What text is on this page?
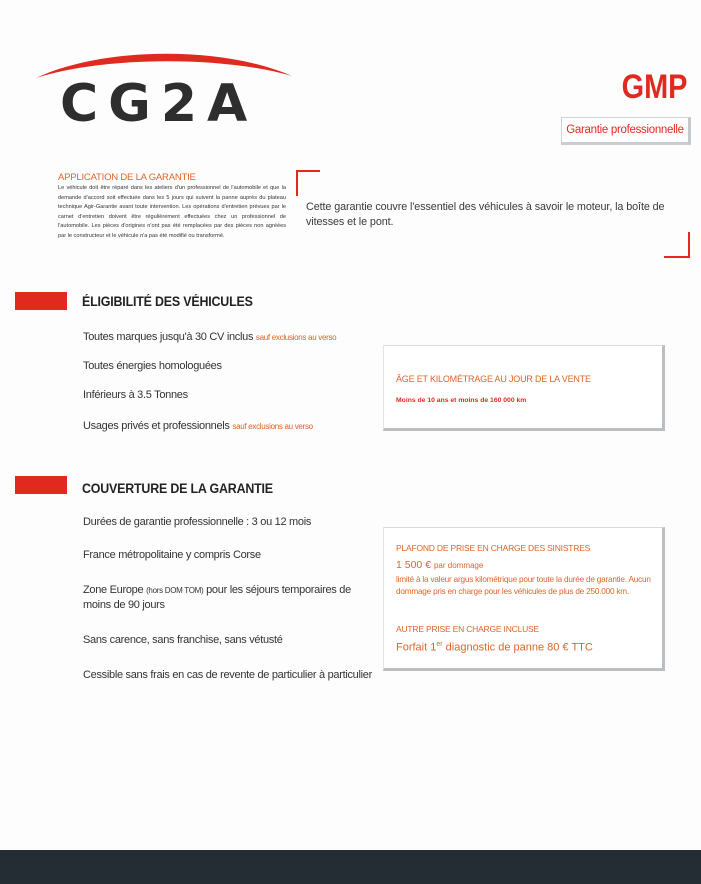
CG2A	GMP
Garantie professionnelle
APPLICATION DE LA GARANTIE
Le véhicule doit être réparé dans les ateliers d'un professionnel de l'automobile et que la demande d'accord soit effectuée dans les 5 jours qui suivent la panne auprès du plateau technique Agir-Garantie avant toute intervention. Les opérations d'entretien prévues par le carnet d'entretien doivent être régulièrement effectuées chez un professionnel de l'automobile. Les pièces d'origines n'ont pas été remplacées par des pièces non agréées par le constructeur et le véhicule n'a pas été modifié ou transformé.
Cette garantie couvre l'essentiel des véhicules à savoir le moteur, la boîte de vitesses et le pont.
ÉLIGIBILITÉ DES VÉHICULES
Toutes marques jusqu'à 30 CV inclus sauf exclusions au verso
Toutes énergies homologuées
Inférieurs à 3.5 Tonnes
Usages privés et professionnels sauf exclusions au verso
ÂGE ET KILOMÉTRAGE AU JOUR DE LA VENTE
Moins de 10 ans et moins de 160 000 km
COUVERTURE DE LA GARANTIE
Durées de garantie professionnelle : 3 ou 12 mois
France métropolitaine y compris Corse
Zone Europe (hors DOM TOM) pour les séjours temporaires de
moins de 90 jours
Sans carence, sans franchise, sans vétusté
Cessible sans frais en cas de revente de particulier à particulier
PLAFOND DE PRISE EN CHARGE DES SINISTRES
1 500 € par dommage
limité à la valeur argus kilométrique pour toute la durée de garantie. Aucun dommage pris en charge pour les véhicules de plus de 250.000 km.
AUTRE PRISE EN CHARGE INCLUSE
Forfait 1er diagnostic de panne 80 € TTC
